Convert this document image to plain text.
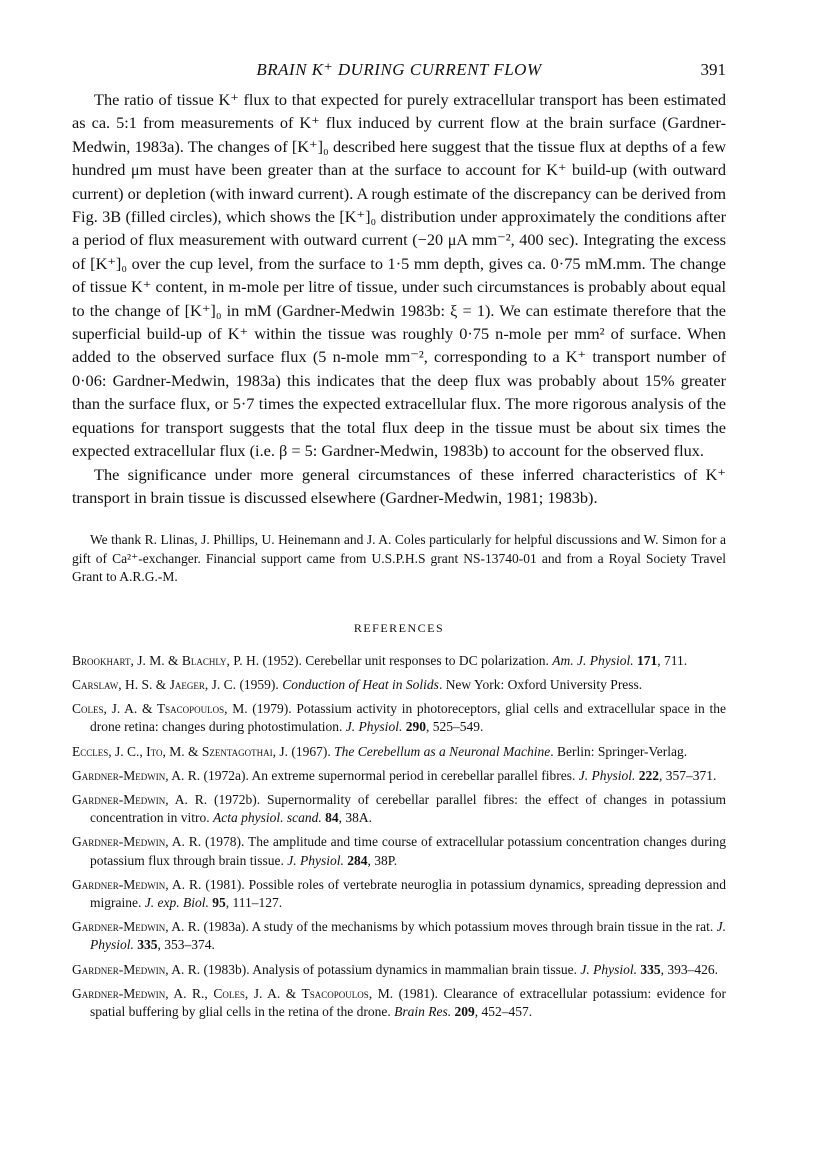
BRAIN K⁺ DURING CURRENT FLOW	391

The ratio of tissue K⁺ flux to that expected for purely extracellular transport has been estimated as ca. 5:1 from measurements of K⁺ flux induced by current flow at the brain surface (Gardner-Medwin, 1983a). The changes of [K⁺]₀ described here suggest that the tissue flux at depths of a few hundred μm must have been greater than at the surface to account for K⁺ build-up (with outward current) or depletion (with inward current). A rough estimate of the discrepancy can be derived from Fig. 3B (filled circles), which shows the [K⁺]₀ distribution under approximately the conditions after a period of flux measurement with outward current (−20 μA mm⁻², 400 sec). Integrating the excess of [K⁺]₀ over the cup level, from the surface to 1·5 mm depth, gives ca. 0·75 mM.mm. The change of tissue K⁺ content, in m-mole per litre of tissue, under such circumstances is probably about equal to the change of [K⁺]₀ in mM (Gardner-Medwin 1983b: ξ = 1). We can estimate therefore that the superficial build-up of K⁺ within the tissue was roughly 0·75 n-mole per mm² of surface. When added to the observed surface flux (5 n-mole mm⁻², corresponding to a K⁺ transport number of 0·06: Gardner-Medwin, 1983a) this indicates that the deep flux was probably about 15% greater than the surface flux, or 5·7 times the expected extracellular flux. The more rigorous analysis of the equations for transport suggests that the total flux deep in the tissue must be about six times the expected extracellular flux (i.e. β = 5: Gardner-Medwin, 1983b) to account for the observed flux.

The significance under more general circumstances of these inferred characteristics of K⁺ transport in brain tissue is discussed elsewhere (Gardner-Medwin, 1981; 1983b).

We thank R. Llinas, J. Phillips, U. Heinemann and J. A. Coles particularly for helpful discussions and W. Simon for a gift of Ca²⁺-exchanger. Financial support came from U.S.P.H.S grant NS-13740-01 and from a Royal Society Travel Grant to A.R.G.-M.

REFERENCES
Brookhart, J. M. & Blachly, P. H. (1952). Cerebellar unit responses to DC polarization. Am. J. Physiol. 171, 711.
Carslaw, H. S. & Jaeger, J. C. (1959). Conduction of Heat in Solids. New York: Oxford University Press.
Coles, J. A. & Tsacopoulos, M. (1979). Potassium activity in photoreceptors, glial cells and extracellular space in the drone retina: changes during photostimulation. J. Physiol. 290, 525–549.
Eccles, J. C., Ito, M. & Szentagothai, J. (1967). The Cerebellum as a Neuronal Machine. Berlin: Springer-Verlag.
Gardner-Medwin, A. R. (1972a). An extreme supernormal period in cerebellar parallel fibres. J. Physiol. 222, 357–371.
Gardner-Medwin, A. R. (1972b). Supernormality of cerebellar parallel fibres: the effect of changes in potassium concentration in vitro. Acta physiol. scand. 84, 38A.
Gardner-Medwin, A. R. (1978). The amplitude and time course of extracellular potassium concentration changes during potassium flux through brain tissue. J. Physiol. 284, 38P.
Gardner-Medwin, A. R. (1981). Possible roles of vertebrate neuroglia in potassium dynamics, spreading depression and migraine. J. exp. Biol. 95, 111–127.
Gardner-Medwin, A. R. (1983a). A study of the mechanisms by which potassium moves through brain tissue in the rat. J. Physiol. 335, 353–374.
Gardner-Medwin, A. R. (1983b). Analysis of potassium dynamics in mammalian brain tissue. J. Physiol. 335, 393–426.
Gardner-Medwin, A. R., Coles, J. A. & Tsacopoulos, M. (1981). Clearance of extracellular potassium: evidence for spatial buffering by glial cells in the retina of the drone. Brain Res. 209, 452–457.
